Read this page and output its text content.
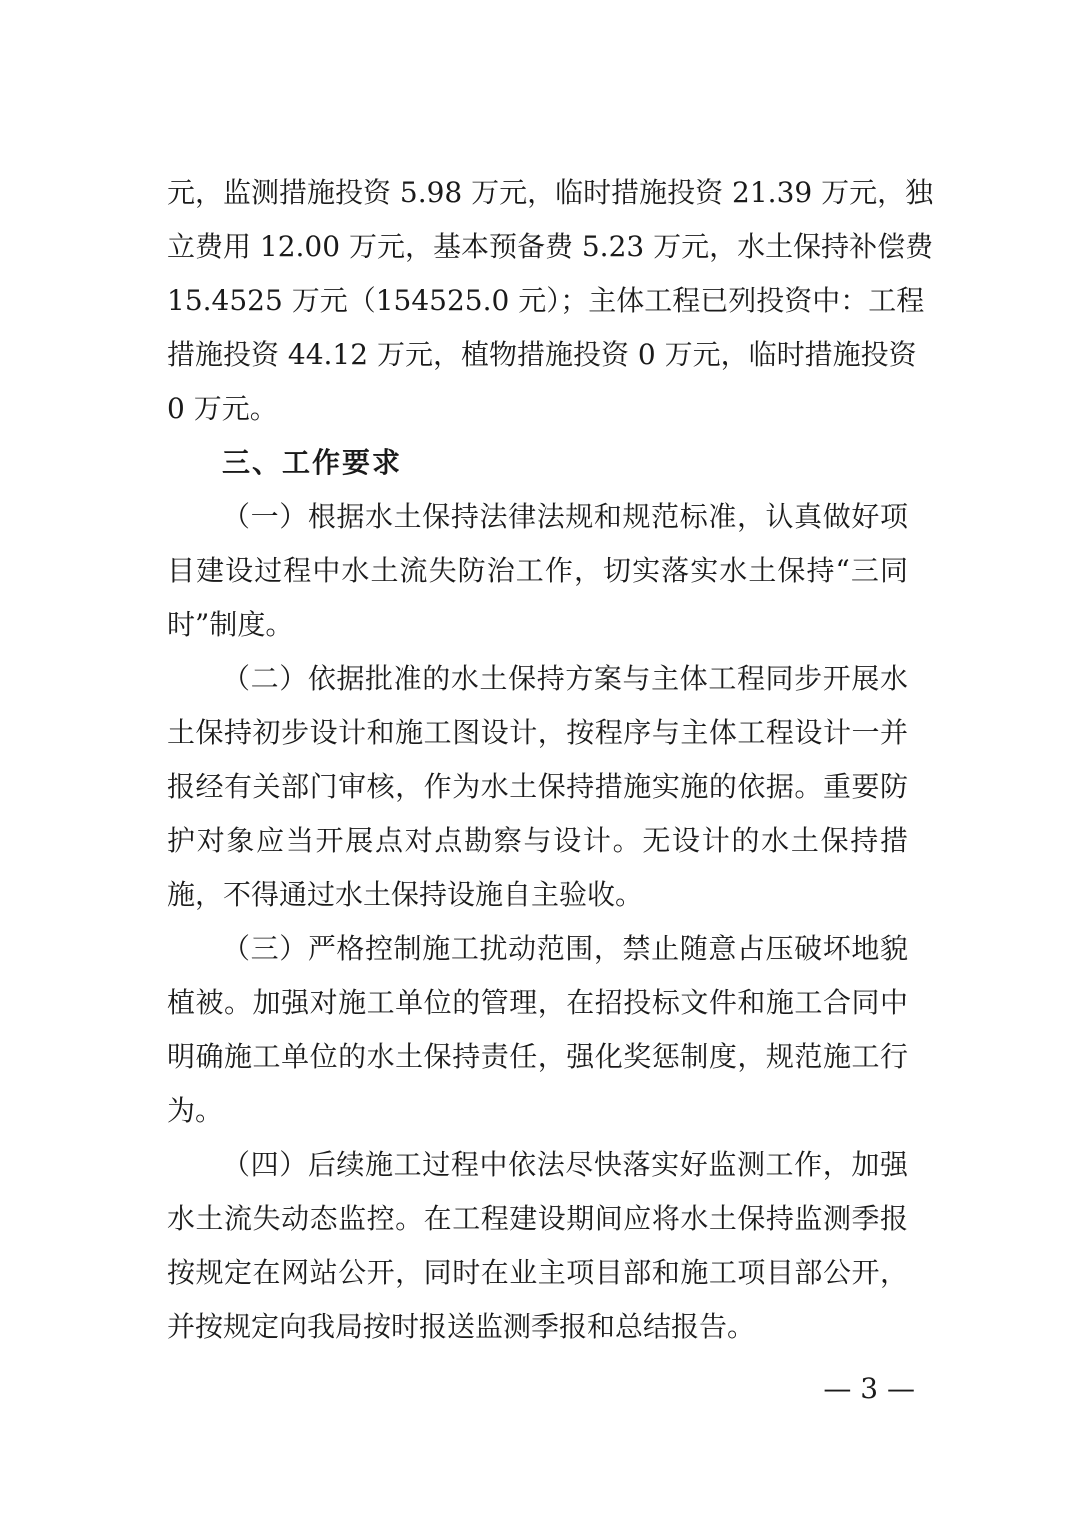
元，监测措施投资 5.98 万元，临时措施投资 21.39 万元，独
立费用 12.00 万元，基本预备费 5.23 万元，水土保持补偿费
15.4525 万元（154525.0 元）；主体工程已列投资中：工程
措施投资 44.12 万元，植物措施投资 0 万元，临时措施投资
0 万元。
三、工作要求
（一）根据水土保持法律法规和规范标准，认真做好项
目建设过程中水土流失防治工作，切实落实水土保持“三同
时”制度。
（二）依据批准的水土保持方案与主体工程同步开展水
土保持初步设计和施工图设计，按程序与主体工程设计一并
报经有关部门审核，作为水土保持措施实施的依据。重要防
护对象应当开展点对点勘察与设计。无设计的水土保持措
施，不得通过水土保持设施自主验收。
（三）严格控制施工扰动范围，禁止随意占压破坏地貌
植被。加强对施工单位的管理，在招投标文件和施工合同中
明确施工单位的水土保持责任，强化奖惩制度，规范施工行
为。
（四）后续施工过程中依法尽快落实好监测工作，加强
水土流失动态监控。在工程建设期间应将水土保持监测季报
按规定在网站公开，同时在业主项目部和施工项目部公开，
并按规定向我局按时报送监测季报和总结报告。
— 3 —
